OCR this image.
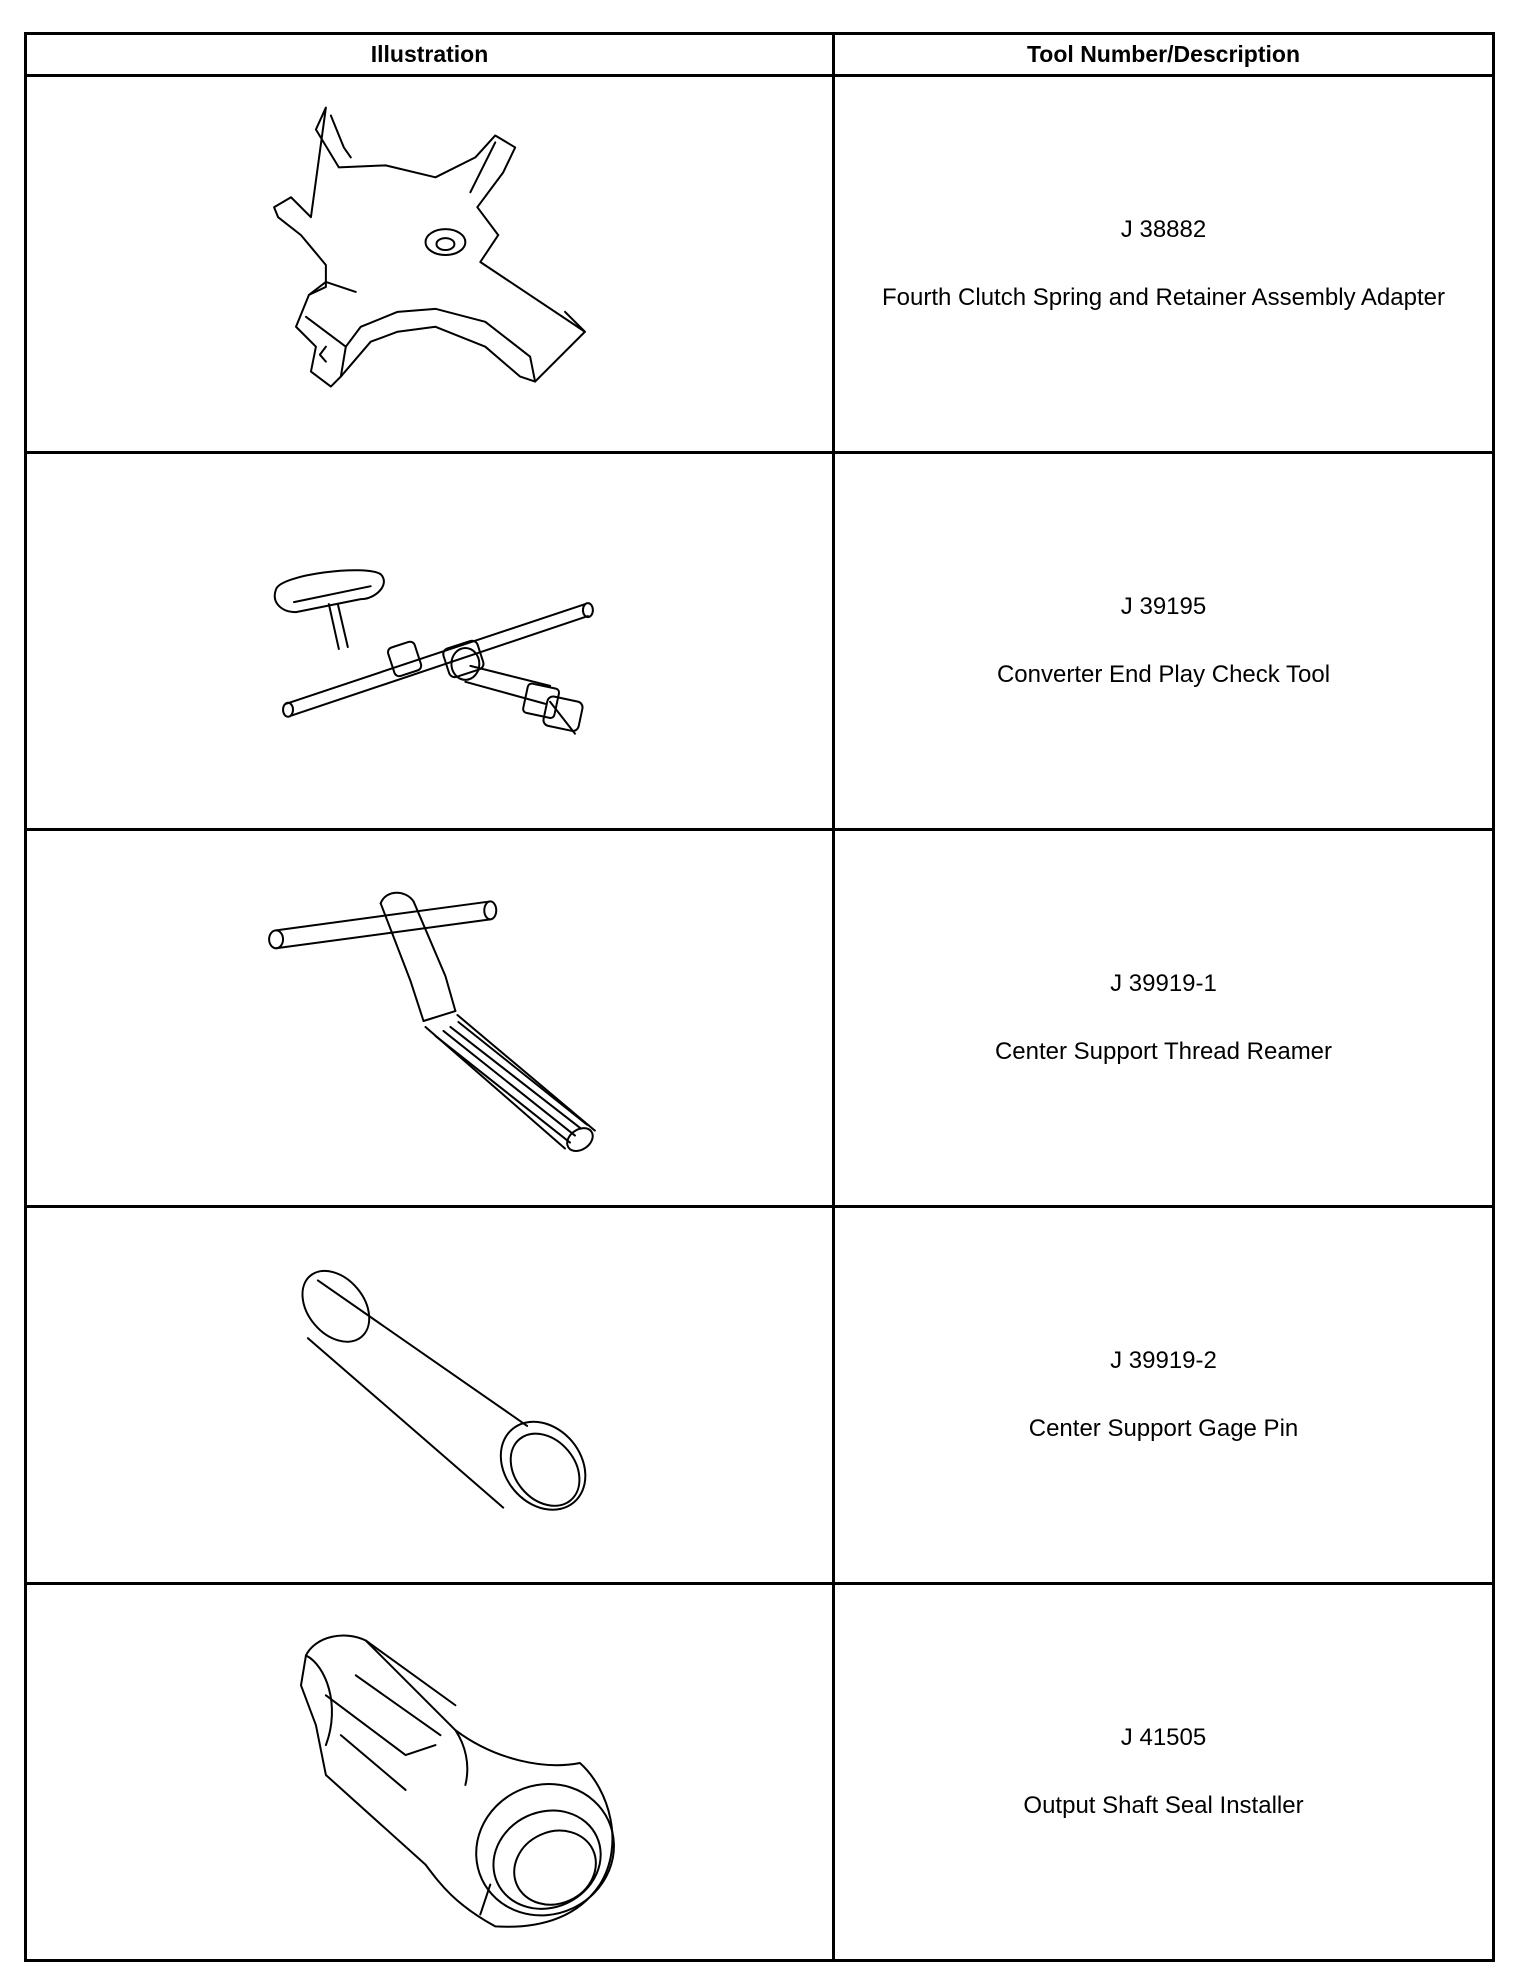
Illustration	Tool Number/Description

J 38882
Fourth Clutch Spring and Retainer Assembly Adapter

J 39195
Converter End Play Check Tool

J 39919-1
Center Support Thread Reamer

J 39919-2
Center Support Gage Pin

J 41505
Output Shaft Seal Installer
